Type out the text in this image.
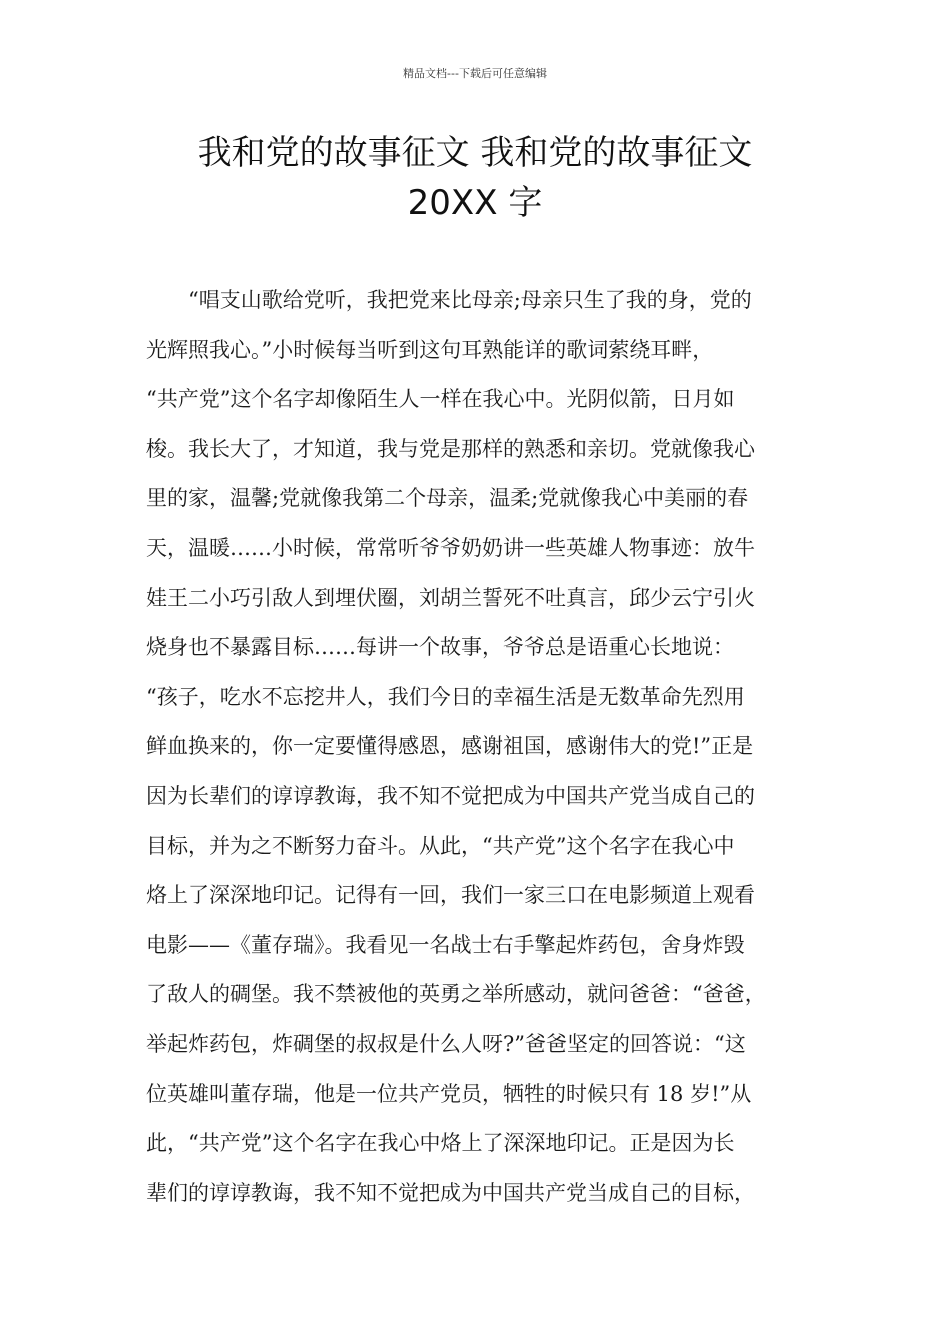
精品文档---下载后可任意编辑
我和党的故事征文 我和党的故事征文
20XX 字
“唱支山歌给党听，我把党来比母亲;母亲只生了我的身，党的
光辉照我心。”小时候每当听到这句耳熟能详的歌词萦绕耳畔，
“共产党”这个名字却像陌生人一样在我心中。光阴似箭，日月如
梭。我长大了，才知道，我与党是那样的熟悉和亲切。党就像我心
里的家，温馨;党就像我第二个母亲，温柔;党就像我心中美丽的春
天，温暖……小时候，常常听爷爷奶奶讲一些英雄人物事迹：放牛
娃王二小巧引敌人到埋伏圈，刘胡兰誓死不吐真言，邱少云宁引火
烧身也不暴露目标……每讲一个故事，爷爷总是语重心长地说：
“孩子，吃水不忘挖井人，我们今日的幸福生活是无数革命先烈用
鲜血换来的，你一定要懂得感恩，感谢祖国，感谢伟大的党!”正是
因为长辈们的谆谆教诲，我不知不觉把成为中国共产党当成自己的
目标，并为之不断努力奋斗。从此，“共产党”这个名字在我心中
烙上了深深地印记。记得有一回，我们一家三口在电影频道上观看
电影——《董存瑞》。我看见一名战士右手擎起炸药包，舍身炸毁
了敌人的碉堡。我不禁被他的英勇之举所感动，就问爸爸：“爸爸，
举起炸药包，炸碉堡的叔叔是什么人呀?”爸爸坚定的回答说：“这
位英雄叫董存瑞，他是一位共产党员，牺牲的时候只有 18 岁!”从
此，“共产党”这个名字在我心中烙上了深深地印记。正是因为长
辈们的谆谆教诲，我不知不觉把成为中国共产党当成自己的目标，
